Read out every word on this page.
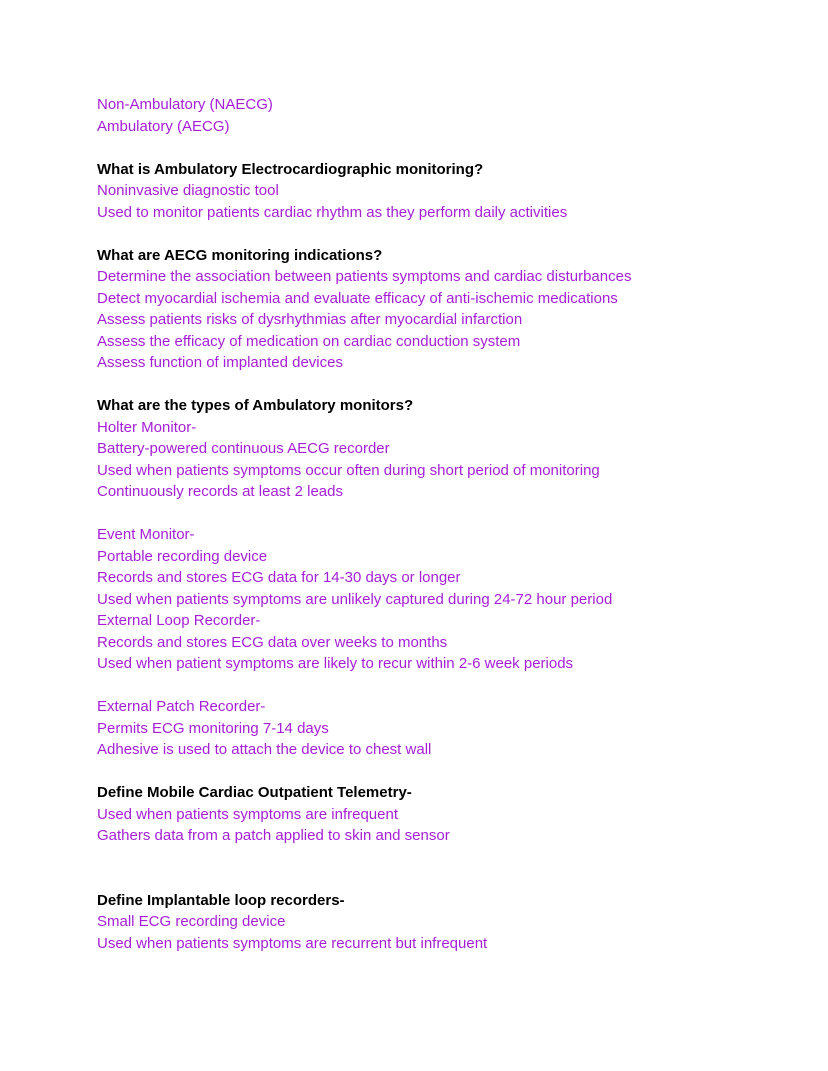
Non-Ambulatory (NAECG)

Ambulatory (AECG)

What is Ambulatory Electrocardiographic monitoring?

Noninvasive diagnostic tool

Used to monitor patients cardiac rhythm as they perform daily activities

What are AECG monitoring indications?

Determine the association between patients symptoms and cardiac disturbances

Detect myocardial ischemia and evaluate efficacy of anti-ischemic medications

Assess patients risks of dysrhythmias after myocardial infarction

Assess the efficacy of medication on cardiac conduction system

Assess function of implanted devices

What are the types of Ambulatory monitors?

Holter Monitor-

Battery-powered continuous AECG recorder

Used when patients symptoms occur often during short period of monitoring

Continuously records at least 2 leads

Event Monitor-

Portable recording device

Records and stores ECG data for 14-30 days or longer

Used when patients symptoms are unlikely captured during 24-72 hour period

External Loop Recorder-

Records and stores ECG data over weeks to months

Used when patient symptoms are likely to recur within 2-6 week periods

External Patch Recorder-

Permits ECG monitoring 7-14 days

Adhesive is used to attach the device to chest wall

Define Mobile Cardiac Outpatient Telemetry-

Used when patients symptoms are infrequent

Gathers data from a patch applied to skin and sensor

Define Implantable loop recorders-

Small ECG recording device

Used when patients symptoms are recurrent but infrequent
